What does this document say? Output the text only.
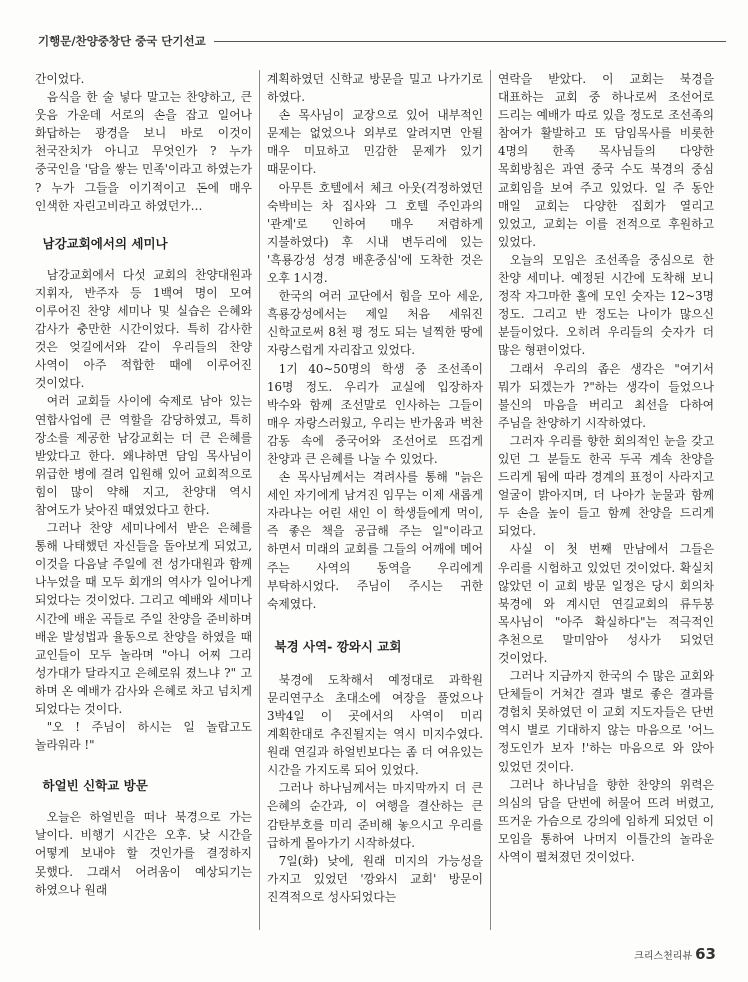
기행문/찬양중창단 중국 단기선교

간이었다.

음식을 한 술 넣다 말고는 찬양하고, 큰 웃음 가운데 서로의 손을 잡고 일어나 화답하는 광경을 보니 바로 이것이 천국잔치가 아니고 무엇인가 ? 누가 중국인을 '담을 쌓는 민족'이라고 하였는가 ? 누가 그들을 이기적이고 돈에 매우 인색한 자린고비라고 하였던가…

남강교회에서의 세미나

남강교회에서 다섯 교회의 찬양대원과 지휘자, 반주자 등 1백여 명이 모여 이루어진 찬양 세미나 및 실습은 은혜와 감사가 충만한 시간이었다. 특히 감사한 것은 엊길에서와 같이 우리들의 찬양 사역이 아주 적합한 때에 이루어진 것이었다.

여러 교회들 사이에 숙제로 남아 있는 연합사업에 큰 역할을 감당하였고, 특히 장소를 제공한 남강교회는 더 큰 은혜를 받았다고 한다. 왜냐하면 담임 목사님이 위급한 병에 걸려 입원해 있어 교회적으로 힘이 많이 약해 지고, 찬양대 역시 참여도가 낮아진 때였었다고 한다.

그러나 찬양 세미나에서 받은 은혜를 통해 나태했던 자신들을 돌아보게 되었고, 이것을 다음날 주일에 전 성가대원과 함께 나누었을 때 모두 회개의 역사가 일어나게 되었다는 것이었다. 그리고 예배와 세미나 시간에 배운 곡들로 주일 찬양을 준비하며 배운 발성법과 율동으로 찬양을 하였을 때 교인들이 모두 놀라며 "아니 어찌 그리 성가대가 달라지고 은혜로워 졌느냐 ?" 고 하며 온 예배가 감사와 은혜로 차고 넘치게 되었다는 것이다.

"오 ! 주님이 하시는 일 놀랍고도 놀라워라 !"

하얼빈 신학교 방문

오늘은 하얼빈을 떠나 북경으로 가는 날이다. 비행기 시간은 오후. 낮 시간을 어떻게 보내야 할 것인가를 결정하지 못했다. 그래서 어려움이 예상되기는 하였으나 원래

계획하였던 신학교 방문을 밀고 나가기로 하였다.

손 목사님이 교장으로 있어 내부적인 문제는 없었으나 외부로 알려지면 안될 매우 미묘하고 민감한 문제가 있기 때문이다.

아무튼 호텔에서 체크 아웃(걱정하였던 숙박비는 차 집사와 그 호텔 주인과의 '관계'로 인하여 매우 저렴하게 지불하였다) 후 시내 변두리에 있는 '흑룡강성 성경 배훈중심'에 도착한 것은 오후 1시경.

한국의 여러 교단에서 힘을 모아 세운, 흑룡강성에서는 제일 처음 세워진 신학교로써 8천 평 정도 되는 널찍한 땅에 자랑스럽게 자리잡고 있었다.

1기 40~50명의 학생 중 조선족이 16명 정도. 우리가 교실에 입장하자 박수와 함께 조선말로 인사하는 그들이 매우 자랑스러웠고, 우리는 반가움과 벅찬 감동 속에 중국어와 조선어로 뜨겁게 찬양과 큰 은혜를 나눌 수 있었다.

손 목사님께서는 격려사를 통해 "늙은 세인 자기에게 남겨진 임무는 이제 새롭게 자라나는 어린 새인 이 학생들에게 먹이, 즉 좋은 책을 공급해 주는 일"이라고 하면서 미래의 교회를 그들의 어깨에 메어 주는 사역의 동역을 우리에게 부탁하시었다. 주님이 주시는 귀한 숙제였다.

북경 사역- 깡와시 교회

북경에 도착해서 예정대로 과학원 문리연구소 초대소에 여장을 풀었으나 3박4일 이 곳에서의 사역이 미리 계획한대로 추진될지는 역시 미지수였다. 원래 연길과 하얼빈보다는 좀 더 여유있는 시간을 가지도록 되어 있었다.

그러나 하나님께서는 마지막까지 더 큰 은혜의 순간과, 이 여행을 결산하는 큰 감탄부호를 미리 준비해 놓으시고 우리를 급하게 몰아가기 시작하셨다.

7일(화) 낮에, 원래 미지의 가능성을 가지고 있었던 '깡와시 교회' 방문이 진격적으로 성사되었다는

연락을 받았다. 이 교회는 북경을 대표하는 교회 중 하나로써 조선어로 드리는 예배가 따로 있을 정도로 조선족의 참여가 활발하고 또 담임목사를 비롯한 4명의 한족 목사님들의 다양한 목회방침은 과연 중국 수도 북경의 중심 교회임을 보여 주고 있었다. 일 주 동안 매일 교회는 다양한 집회가 열리고 있었고, 교회는 이를 전적으로 후원하고 있었다.

오늘의 모임은 조선족을 중심으로 한 찬양 세미나. 예정된 시간에 도착해 보니 정작 자그마한 홀에 모인 숫자는 12~3명 정도. 그리고 반 정도는 나이가 많으신 분들이었다. 오히려 우리들의 숫자가 더 많은 형편이었다.

그래서 우리의 좁은 생각은 "여기서 뭐가 되겠는가 ?"하는 생각이 들었으나 불신의 마음을 버리고 최선을 다하여 주님을 찬양하기 시작하였다.

그러자 우리를 향한 회의적인 눈을 갖고 있던 그 분들도 한곡 두곡 계속 찬양을 드리게 됨에 따라 경계의 표정이 사라지고 얼굴이 밝아지며, 더 나아가 눈물과 함께 두 손을 높이 들고 함께 찬양을 드리게 되었다.

사실 이 첫 번째 만남에서 그들은 우리를 시험하고 있었던 것이었다. 확실치 않았던 이 교회 방문 일정은 당시 회의차 북경에 와 계시던 연길교회의 류두봉 목사님이 "아주 확실하다"는 적극적인 추천으로 말미암아 성사가 되었던 것이었다.

그러나 지금까지 한국의 수 많은 교회와 단체들이 거쳐간 결과 별로 좋은 결과를 경험치 못하였던 이 교회 지도자들은 단번 역시 별로 기대하지 않는 마음으로 '어느 정도인가 보자 !'하는 마음으로 와 앉아 있었던 것이다.

그러나 하나님을 향한 찬양의 위력은 의심의 담을 단번에 허물어 뜨려 버렸고, 뜨거운 가슴으로 강의에 임하게 되었던 이 모임을 통하여 나머지 이틀간의 놀라운 사역이 펼쳐졌던 것이었다.

크리스천리뷰 63
